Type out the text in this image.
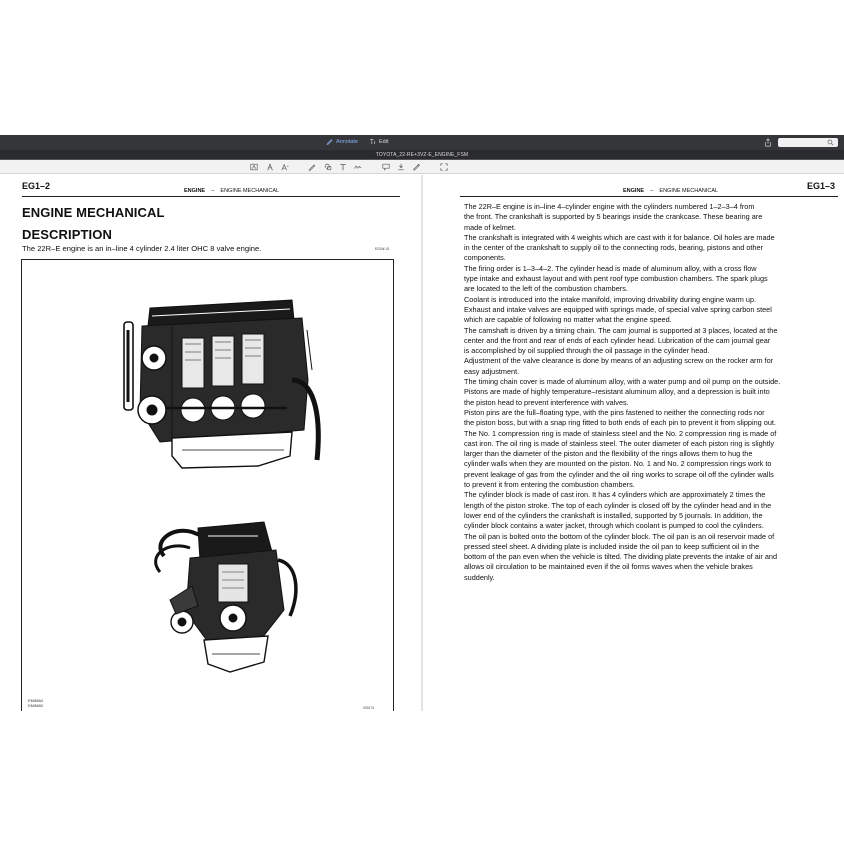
Annotate	Edit
TOYOTA_22-RE+3VZ-E_ENGINE_FSM
EG1–2	ENGINE – ENGINE MECHANICAL
ENGINE MECHANICAL
DESCRIPTION
The 22R–E engine is an in–line 4 cylinder 2.4 liter OHC 8 valve engine.	EG1W–01
EM5884
EM5883
V00174
EG1–3
ENGINE – ENGINE MECHANICAL
The 22R–E engine is in–line 4–cylinder engine with the cylinders numbered 1–2–3–4 from
the front. The crankshaft is supported by 5 bearings inside the crankcase. These bearing are
made of kelmet.
The crankshaft is integrated with 4 weights which are cast with it for balance. Oil holes are made
in the center of the crankshaft to supply oil to the connecting rods, bearing, pistons and other
components.
The firing order is 1–3–4–2. The cylinder head is made of aluminum alloy, with a cross flow
type intake and exhaust layout and with pent roof type combustion chambers. The spark plugs
are located to the left of the combustion chambers.
Coolant is introduced into the intake manifold, improving drivability during engine warm up.
Exhaust and intake valves are equipped with springs made, of special valve spring carbon steel
which are capable of following no matter what the engine speed.
The camshaft is driven by a timing chain. The cam journal is supported at 3 places, located at the
center and the front and rear of ends of each cylinder head. Lubrication of the cam journal gear
is accomplished by oil supplied through the oil passage in the cylinder head.
Adjustment of the valve clearance is done by means of an adjusting screw on the rocker arm for
easy adjustment.
The timing chain cover is made of aluminum alloy, with a water pump and oil pump on the outside.
Pistons are made of highly temperature–resistant aluminum alloy, and a depression is built into
the piston head to prevent interference with valves.
Piston pins are the full–floating type, with the pins fastened to neither the connecting rods nor
the piston boss, but with a snap ring fitted to both ends of each pin to prevent it from slipping out.
The No. 1 compression ring is made of stainless steel and the No. 2 compression ring is made of
cast iron. The oil ring is made of stainless steel. The outer diameter of each piston ring is slightly
larger than the diameter of the piston and the flexibility of the rings allows them to hug the
cylinder walls when they are mounted on the piston. No. 1 and No. 2 compression rings work to
prevent leakage of gas from the cylinder and the oil ring works to scrape oil off the cylinder walls
to prevent it from entering the combustion chambers.
The cylinder block is made of cast iron. It has 4 cylinders which are approximately 2 times the
length of the piston stroke. The top of each cylinder is closed off by the cylinder head and in the
lower end of the cylinders the crankshaft is installed, supported by 5 journals. In addition, the
cylinder block contains a water jacket, through which coolant is pumped to cool the cylinders.
The oil pan is bolted onto the bottom of the cylinder block. The oil pan is an oil reservoir made of
pressed steel sheet. A dividing plate is included inside the oil pan to keep sufficient oil in the
bottom of the pan even when the vehicle is tilted. The dividing plate prevents the intake of air and
allows oil circulation to be maintained even if the oil forms waves when the vehicle brakes
suddenly.
